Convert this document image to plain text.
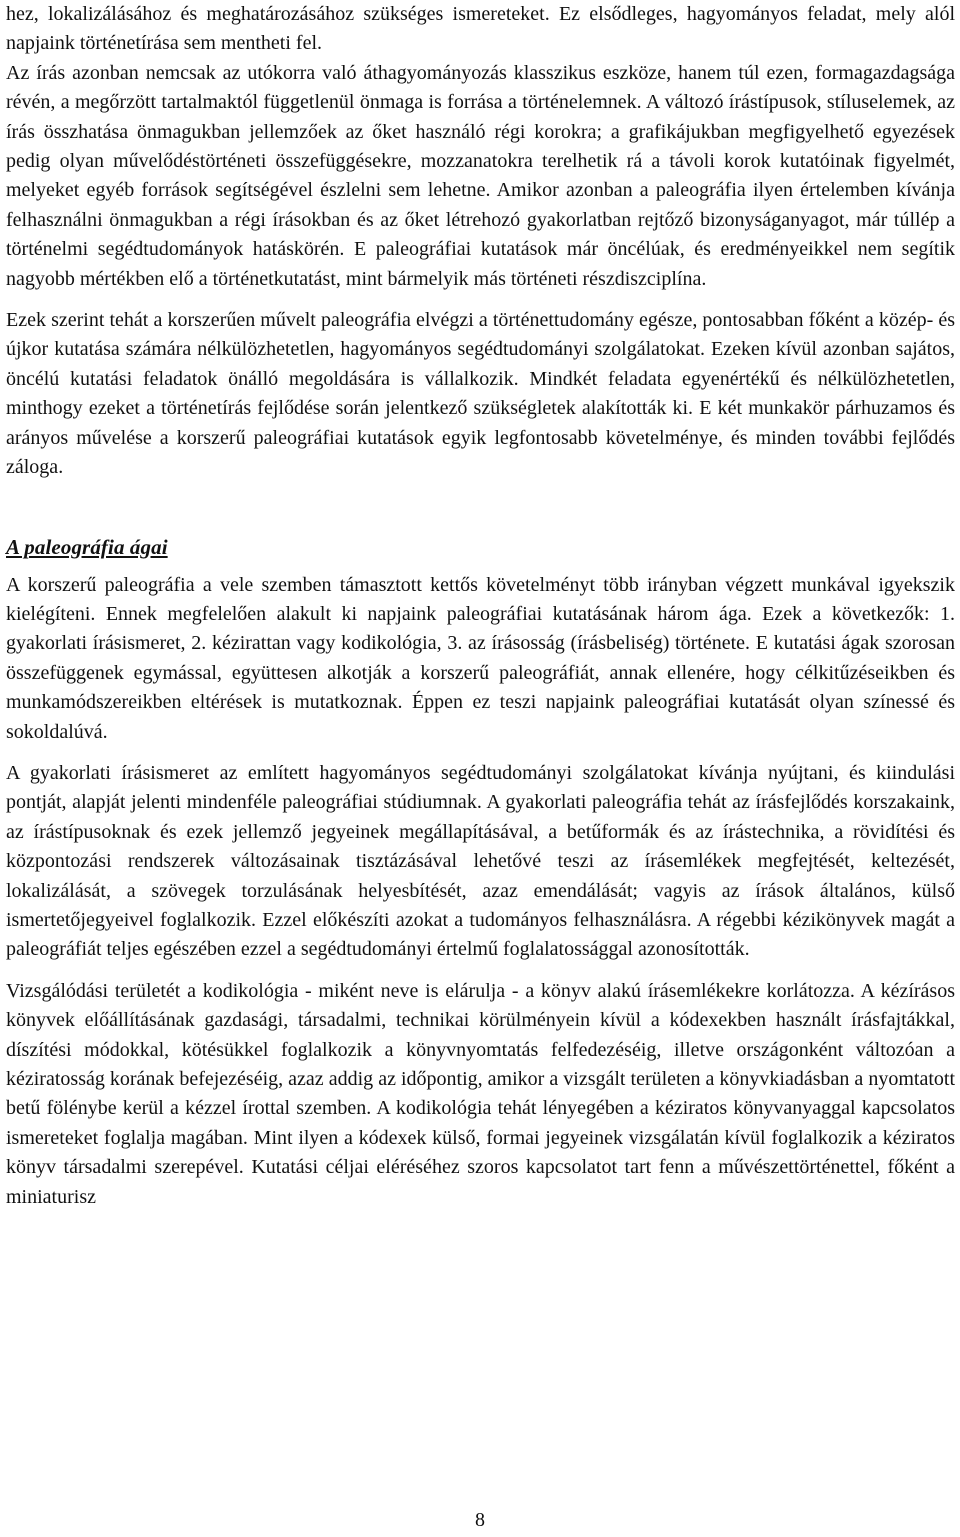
hez, lokalizálásához és meghatározásához szükséges ismereteket. Ez elsődleges, hagyományos feladat, mely alól napjaink történetírása sem mentheti fel.

Az írás azonban nemcsak az utókorra való áthagyományozás klasszikus eszköze, hanem túl ezen, formagazdagsága révén, a megőrzött tartalmaktól függetlenül önmaga is forrása a történelemnek. A változó írástípusok, stíluselemek, az írás összhatása önmagukban jellemzőek az őket használó régi korokra; a grafikájukban megfigyelhető egyezések pedig olyan művelődéstörténeti összefüggésekre, mozzanatokra terelhetik rá a távoli korok kutatóinak figyelmét, melyeket egyéb források segítségével észlelni sem lehetne. Amikor azonban a paleográfia ilyen értelemben kívánja felhasználni önmagukban a régi írásokban és az őket létrehozó gyakorlatban rejtőző bizonyságanyagot, már túllép a történelmi segédtudományok hatáskörén. E paleográfiai kutatások már öncélúak, és eredményeikkel nem segítik nagyobb mértékben elő a történetkutatást, mint bármelyik más történeti részdiszciplína.

Ezek szerint tehát a korszerűen művelt paleográfia elvégzi a történettudomány egésze, pontosabban főként a közép- és újkor kutatása számára nélkülözhetetlen, hagyományos segédtudományi szolgálatokat. Ezeken kívül azonban sajátos, öncélú kutatási feladatok önálló megoldására is vállalkozik. Mindkét feladata egyenértékű és nélkülözhetetlen, minthogy ezeket a történetírás fejlődése során jelentkező szükségletek alakították ki. E két munkakör párhuzamos és arányos művelése a korszerű paleográfiai kutatások egyik legfontosabb követelménye, és minden további fejlődés záloga.

A paleográfia ágai

A korszerű paleográfia a vele szemben támasztott kettős követelményt több irányban végzett munkával igyekszik kielégíteni. Ennek megfelelően alakult ki napjaink paleográfiai kutatásának három ága. Ezek a következők: 1. gyakorlati írásismeret, 2. kézirattan vagy kodikológia, 3. az írásosság (írásbeliség) története. E kutatási ágak szorosan összefüggenek egymással, együttesen alkotják a korszerű paleográfiát, annak ellenére, hogy célkitűzéseikben és munkamódszereikben eltérések is mutatkoznak. Éppen ez teszi napjaink paleográfiai kutatását olyan színessé és sokoldalúvá.

A gyakorlati írásismeret az említett hagyományos segédtudományi szolgálatokat kívánja nyújtani, és kiindulási pontját, alapját jelenti mindenféle paleográfiai stúdiumnak. A gyakorlati paleográfia tehát az írásfejlődés korszakaink, az írástípusoknak és ezek jellemző jegyeinek megállapításával, a betűformák és az írástechnika, a rövidítési és központozási rendszerek változásainak tisztázásával lehetővé teszi az írásemlékek megfejtését, keltezését, lokalizálását, a szövegek torzulásának helyesbítését, azaz emendálását; vagyis az írások általános, külső ismertetőjegyeivel foglalkozik. Ezzel előkészíti azokat a tudományos felhasználásra. A régebbi kézikönyvek magát a paleográfiát teljes egészében ezzel a segédtudományi értelmű foglalatossággal azonosították.

Vizsgálódási területét a kodikológia - miként neve is elárulja - a könyv alakú írásemlékekre korlátozza. A kézírásos könyvek előállításának gazdasági, társadalmi, technikai körülményein kívül a kódexekben használt írásfajtákkal, díszítési módokkal, kötésükkel foglalkozik a könyvnyomtatás felfedezéséig, illetve országonként változóan a kéziratosság korának befejezéséig, azaz addig az időpontig, amikor a vizsgált területen a könyvkiadásban a nyomtatott betű fölénybe kerül a kézzel írottal szemben. A kodikológia tehát lényegében a kéziratos könyvanyaggal kapcsolatos ismereteket foglalja magában. Mint ilyen a kódexek külső, formai jegyeinek vizsgálatán kívül foglalkozik a kéziratos könyv társadalmi szerepével. Kutatási céljai eléréséhez szoros kapcsolatot tart fenn a művészettörténettel, főként a miniaturisz

8
